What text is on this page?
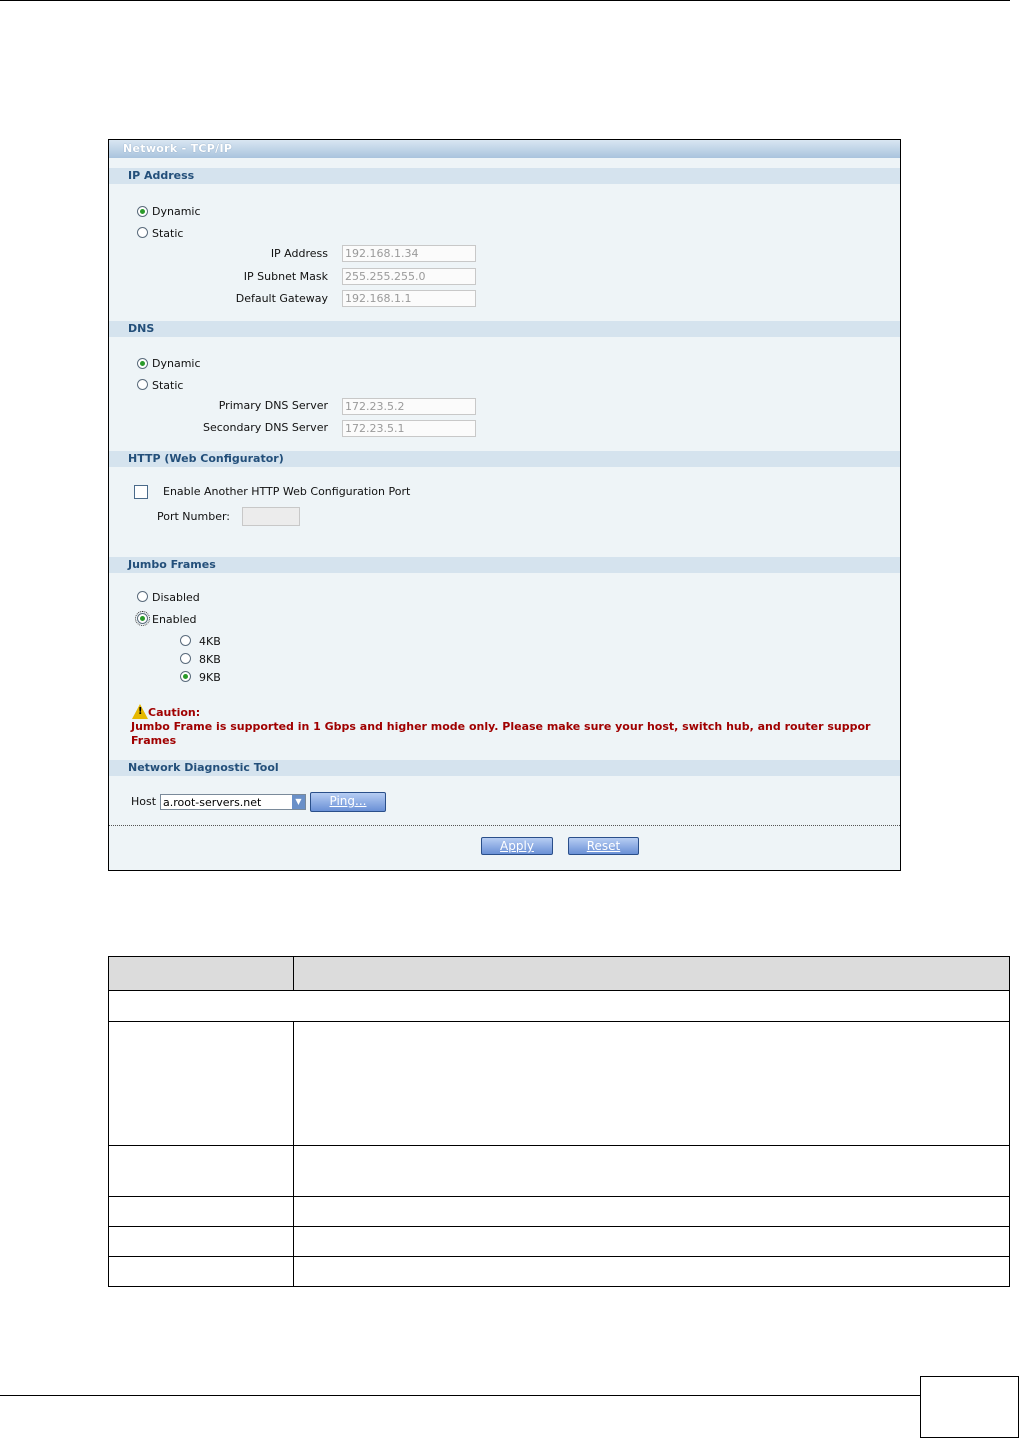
Network - TCP/IP
IP Address
Dynamic
Static
IP Address 192.168.1.34
IP Subnet Mask 255.255.255.0
Default Gateway 192.168.1.1
DNS
Dynamic
Static
Primary DNS Server 172.23.5.2
Secondary DNS Server 172.23.5.1
HTTP (Web Configurator)
Enable Another HTTP Web Configuration Port
Port Number:
Jumbo Frames
Disabled
Enabled
4KB
8KB
9KB
!
Caution:
Jumbo Frame is supported in 1 Gbps and higher mode only. Please make sure your host, switch hub, and router suppor
Frames
Network Diagnostic Tool
Host a.root-servers.net	▼	Ping...
Apply	Reset
